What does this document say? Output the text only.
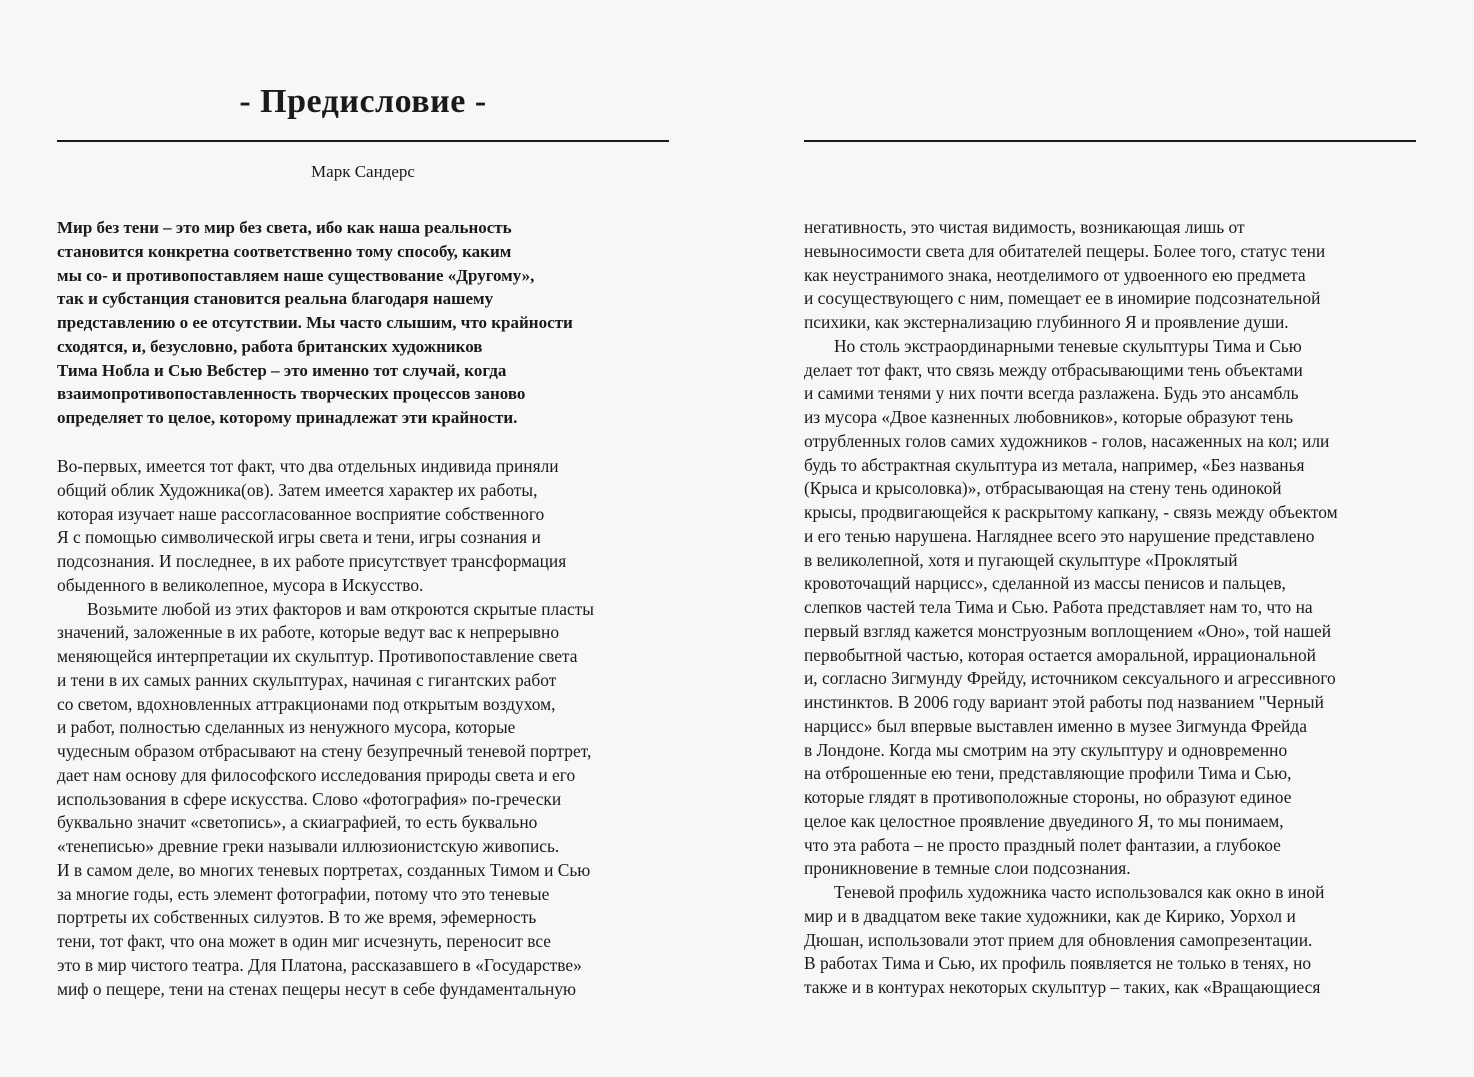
- Предисловие -
Марк Сандерс
Мир без тени – это мир без света, ибо как наша реальность
становится конкретна соответственно тому способу, каким
мы со- и противопоставляем наше существование «Другому»,
так и субстанция становится реальна благодаря нашему
представлению о ее отсутствии. Мы часто слышим, что крайности
сходятся, и, безусловно, работа британских художников
Тима Нобла и Сью Вебстер – это именно тот случай, когда
взаимопротивопоставленность творческих процессов заново
определяет то целое, которому принадлежат эти крайности.
Во-первых, имеется тот факт, что два отдельных индивида приняли
общий облик Художника(ов). Затем имеется характер их работы,
которая изучает наше рассогласованное восприятие собственного
Я с помощью символической игры света и тени, игры сознания и
подсознания. И последнее, в их работе присутствует трансформация
обыденного в великолепное, мусора в Искусство.
Возьмите любой из этих факторов и вам откроются скрытые пласты
значений, заложенные в их работе, которые ведут вас к непрерывно
меняющейся интерпретации их скульптур. Противопоставление света
и тени в их самых ранних скульптурах, начиная с гигантских работ
со светом, вдохновленных аттракционами под открытым воздухом,
и работ, полностью сделанных из ненужного мусора, которые
чудесным образом отбрасывают на стену безупречный теневой портрет,
дает нам основу для философского исследования природы света и его
использования в сфере искусства. Слово «фотография» по-гречески
буквально значит «светопись», а скиаграфией, то есть буквально
«тенеписью» древние греки называли иллюзионистскую живопись.
И в самом деле, во многих теневых портретах, созданных Тимом и Сью
за многие годы, есть элемент фотографии, потому что это теневые
портреты их собственных силуэтов. В то же время, эфемерность
тени, тот факт, что она может в один миг исчезнуть, переносит все
это в мир чистого театра. Для Платона, рассказавшего в «Государстве»
миф о пещере, тени на стенах пещеры несут в себе фундаментальную
негативность, это чистая видимость, возникающая лишь от
невыносимости света для обитателей пещеры. Более того, статус тени
как неустранимого знака, неотделимого от удвоенного ею предмета
и сосуществующего с ним, помещает ее в иномирие подсознательной
психики, как экстернализацию глубинного Я и проявление души.
Но столь экстраординарными теневые скульптуры Тима и Сью
делает тот факт, что связь между отбрасывающими тень объектами
и самими тенями у них почти всегда разлажена. Будь это ансамбль
из мусора «Двое казненных любовников», которые образуют тень
отрубленных голов самих художников - голов, насаженных на кол; или
будь то абстрактная скульптура из метала, например, «Без названья
(Крыса и крысоловка)», отбрасывающая на стену тень одинокой
крысы, продвигающейся к раскрытому капкану, - связь между объектом
и его тенью нарушена. Нагляднее всего это нарушение представлено
в великолепной, хотя и пугающей скульптуре «Проклятый
кровоточащий нарцисс», сделанной из массы пенисов и пальцев,
слепков частей тела Тима и Сью. Работа представляет нам то, что на
первый взгляд кажется монструозным воплощением «Оно», той нашей
первобытной частью, которая остается аморальной, иррациональной
и, согласно Зигмунду Фрейду, источником сексуального и агрессивного
инстинктов. В 2006 году вариант этой работы под названием "Черный
нарцисс» был впервые выставлен именно в музее Зигмунда Фрейда
в Лондоне. Когда мы смотрим на эту скульптуру и одновременно
на отброшенные ею тени, представляющие профили Тима и Сью,
которые глядят в противоположные стороны, но образуют единое
целое как целостное проявление двуединого Я, то мы понимаем,
что эта работа – не просто праздный полет фантазии, а глубокое
проникновение в темные слои подсознания.
Теневой профиль художника часто использовался как окно в иной
мир и в двадцатом веке такие художники, как де Кирико, Уорхол и
Дюшан, использовали этот прием для обновления самопрезентации.
В работах Тима и Сью, их профиль появляется не только в тенях, но
также и в контурах некоторых скульптур – таких, как «Вращающиеся
